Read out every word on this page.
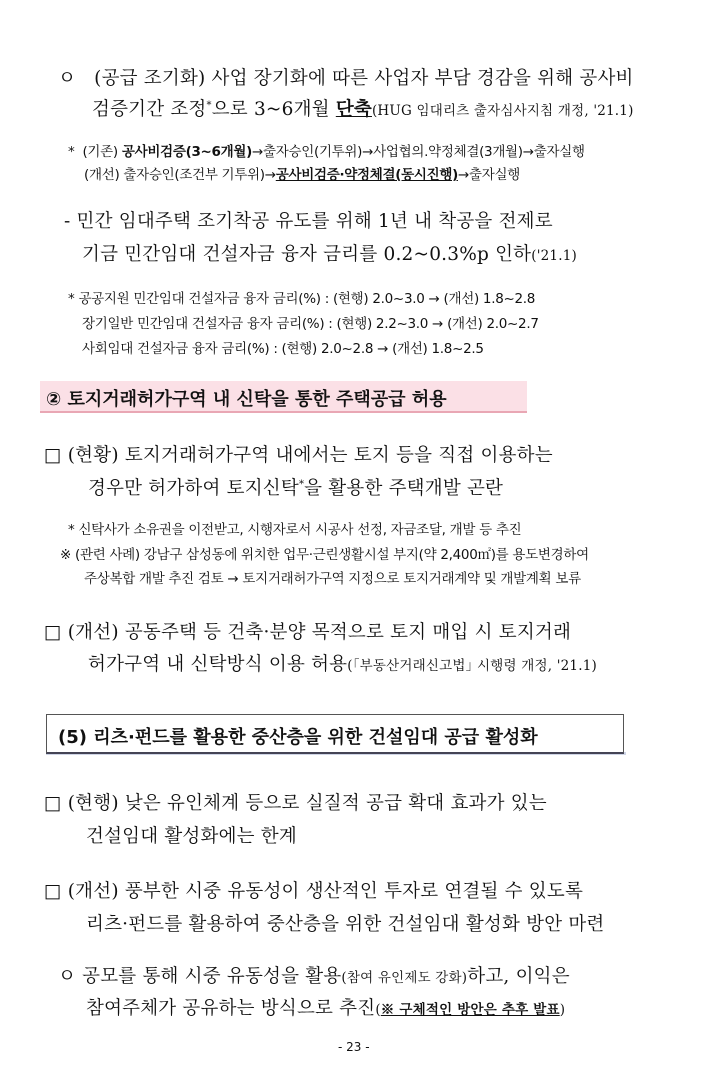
ㅇ (공급 조기화) 사업 장기화에 따른 사업자 부담 경감을 위해 공사비
검증기간 조정*으로 3~6개월 단축(HUG 임대리츠 출자심사지침 개정, '21.1)
* (기존) 공사비검증(3~6개월)→출자승인(기투위)→사업협의.약정체결(3개월)→출자실행
(개선) 출자승인(조건부 기투위)→공사비검증·약정체결(동시진행)→출자실행
- 민간 임대주택 조기착공 유도를 위해 1년 내 착공을 전제로
기금 민간임대 건설자금 융자 금리를 0.2~0.3%p 인하('21.1)
* 공공지원 민간임대 건설자금 융자 금리(%) : (현행) 2.0~3.0 → (개선) 1.8~2.8
장기일반 민간임대 건설자금 융자 금리(%) : (현행) 2.2~3.0 → (개선) 2.0~2.7
사회임대 건설자금 융자 금리(%) : (현행) 2.0~2.8 → (개선) 1.8~2.5
② 토지거래허가구역 내 신탁을 통한 주택공급 허용
□ (현황) 토지거래허가구역 내에서는 토지 등을 직접 이용하는
경우만 허가하여 토지신탁*을 활용한 주택개발 곤란
* 신탁사가 소유권을 이전받고, 시행자로서 시공사 선정, 자금조달, 개발 등 추진
※ (관련 사례) 강남구 삼성동에 위치한 업무·근린생활시설 부지(약 2,400㎡)를 용도변경하여
주상복합 개발 추진 검토 → 토지거래허가구역 지정으로 토지거래계약 및 개발계획 보류
□ (개선) 공동주택 등 건축·분양 목적으로 토지 매입 시 토지거래
허가구역 내 신탁방식 이용 허용(｢부동산거래신고법｣ 시행령 개정, '21.1)
(5) 리츠·펀드를 활용한 중산층을 위한 건설임대 공급 활성화
□ (현행) 낮은 유인체계 등으로 실질적 공급 확대 효과가 있는
건설임대 활성화에는 한계
□ (개선) 풍부한 시중 유동성이 생산적인 투자로 연결될 수 있도록
리츠·펀드를 활용하여 중산층을 위한 건설임대 활성화 방안 마련
ㅇ 공모를 통해 시중 유동성을 활용(참여 유인제도 강화)하고, 이익은
참여주체가 공유하는 방식으로 추진(※ 구체적인 방안은 추후 발표)
- 23 -
